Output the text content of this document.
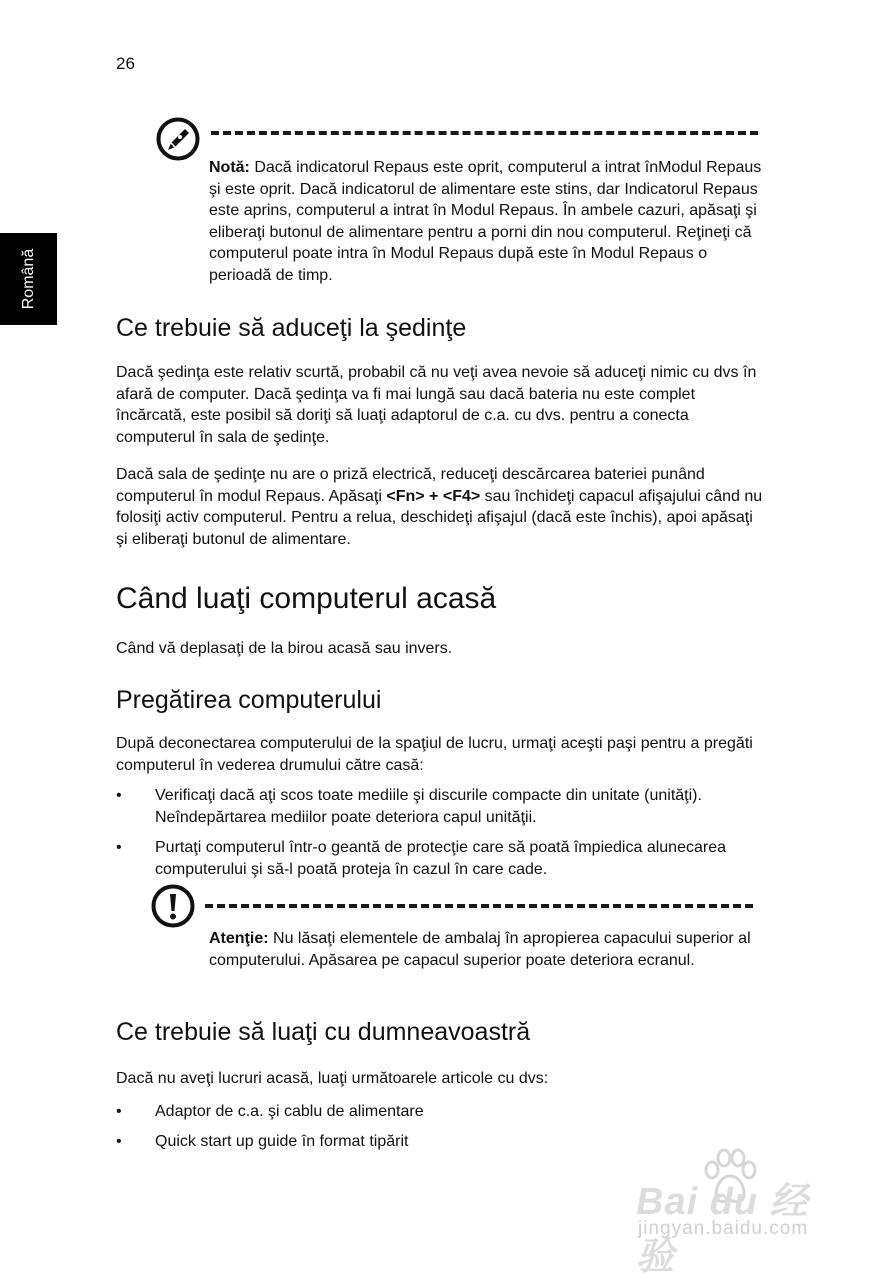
26
Română
Notă: Dacă indicatorul Repaus este oprit, computerul a intrat înModul Repaus şi este oprit. Dacă indicatorul de alimentare este stins, dar Indicatorul Repaus este aprins, computerul a intrat în Modul Repaus. În ambele cazuri, apăsaţi şi eliberaţi butonul de alimentare pentru a porni din nou computerul. Reţineţi că computerul poate intra în Modul Repaus după este în Modul Repaus o perioadă de timp.
Ce trebuie să aduceţi la şedinţe

Dacă şedinţa este relativ scurtă, probabil că nu veţi avea nevoie să aduceţi nimic cu dvs în afară de computer. Dacă şedinţa va fi mai lungă sau dacă bateria nu este complet încărcată, este posibil să doriţi să luaţi adaptorul de c.a. cu dvs. pentru a conecta computerul în sala de şedinţe.

Dacă sala de şedinţe nu are o priză electrică, reduceţi descărcarea bateriei punând computerul în modul Repaus. Apăsaţi <Fn> + <F4> sau închideţi capacul afişajului când nu folosiţi activ computerul. Pentru a relua, deschideţi afişajul (dacă este închis), apoi apăsaţi şi eliberaţi butonul de alimentare.

Când luaţi computerul acasă

Când vă deplasaţi de la birou acasă sau invers.

Pregătirea computerului

După deconectarea computerului de la spaţiul de lucru, urmaţi aceşti paşi pentru a pregăti computerul în vederea drumului către casă:

• Verificaţi dacă aţi scos toate mediile şi discurile compacte din unitate (unităţi). Neîndepărtarea mediilor poate deteriora capul unităţii.
• Purtaţi computerul într-o geantă de protecţie care să poată împiedica alunecarea computerului şi să-l poată proteja în cazul în care cade.
Atenţie: Nu lăsaţi elementele de ambalaj în apropierea capacului superior al computerului. Apăsarea pe capacul superior poate deteriora ecranul.
Ce trebuie să luaţi cu dumneavoastră

Dacă nu aveţi lucruri acasă, luaţi următoarele articole cu dvs:

• Adaptor de c.a. şi cablu de alimentare
• Quick start up guide în format tipărit
Bai du 经验
jingyan.baidu.com
